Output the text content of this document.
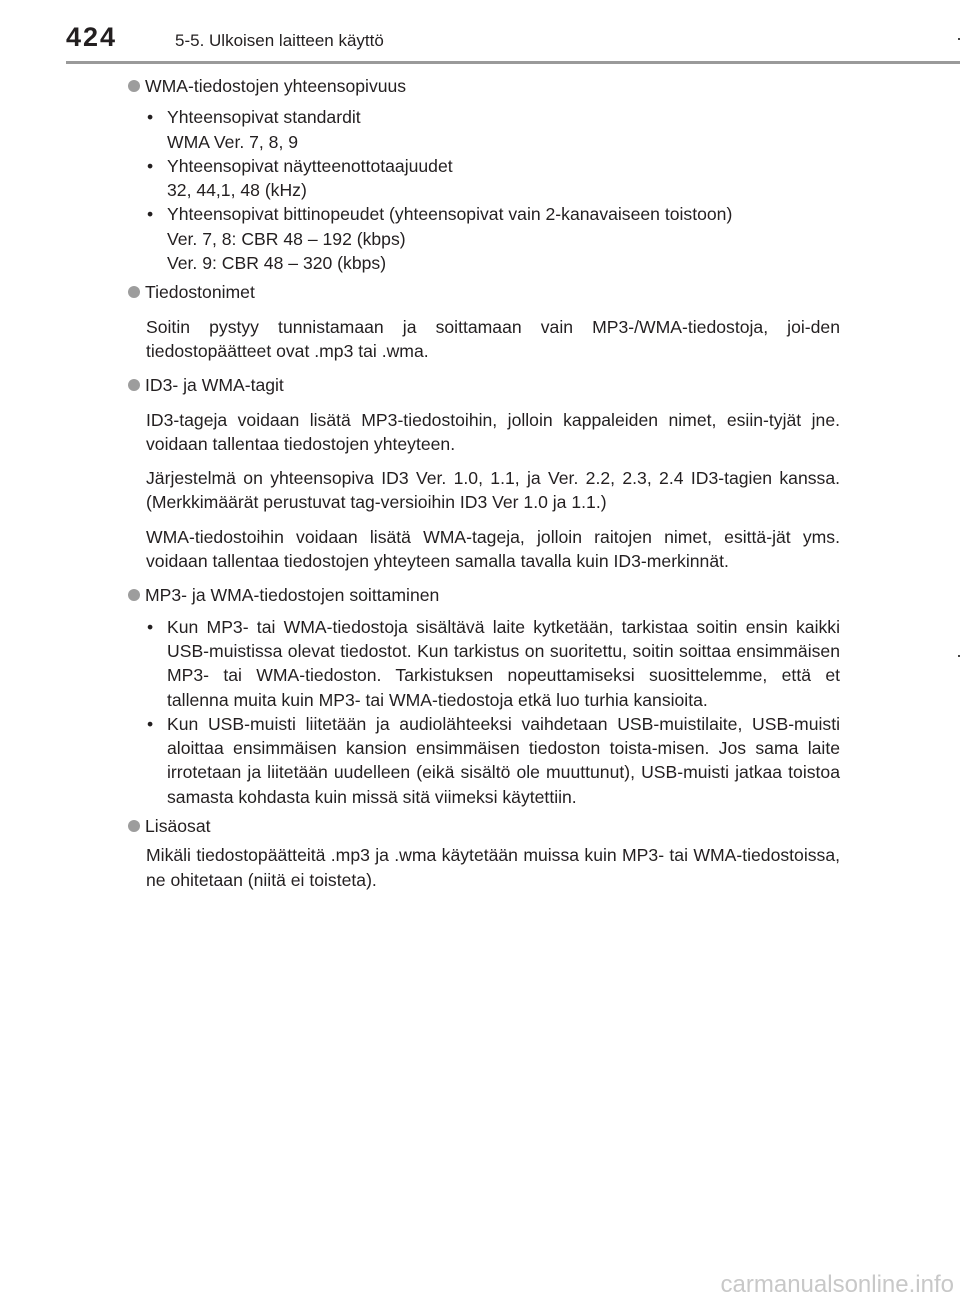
424	5-5. Ulkoisen laitteen käyttö
WMA-tiedostojen yhteensopivuus
• Yhteensopivat standardit
WMA Ver. 7, 8, 9
• Yhteensopivat näytteenottotaajuudet
32, 44,1, 48 (kHz)
• Yhteensopivat bittinopeudet (yhteensopivat vain 2-kanavaiseen toistoon)
Ver. 7, 8: CBR 48 – 192 (kbps)
Ver. 9: CBR 48 – 320 (kbps)
Tiedostonimet
Soitin pystyy tunnistamaan ja soittamaan vain MP3-/WMA-tiedostoja, joi-den tiedostopäätteet ovat .mp3 tai .wma.
ID3- ja WMA-tagit
ID3-tageja voidaan lisätä MP3-tiedostoihin, jolloin kappaleiden nimet, esiin-tyjät jne. voidaan tallentaa tiedostojen yhteyteen.
Järjestelmä on yhteensopiva ID3 Ver. 1.0, 1.1, ja Ver. 2.2, 2.3, 2.4 ID3-tagien kanssa. (Merkkimäärät perustuvat tag-versioihin ID3 Ver 1.0 ja 1.1.)
WMA-tiedostoihin voidaan lisätä WMA-tageja, jolloin raitojen nimet, esittä-jät yms. voidaan tallentaa tiedostojen yhteyteen samalla tavalla kuin ID3-merkinnät.
MP3- ja WMA-tiedostojen soittaminen
• Kun MP3- tai WMA-tiedostoja sisältävä laite kytketään, tarkistaa soitin ensin kaikki USB-muistissa olevat tiedostot. Kun tarkistus on suoritettu, soitin soittaa ensimmäisen MP3- tai WMA-tiedoston. Tarkistuksen nopeuttamiseksi suosittelemme, että et tallenna muita kuin MP3- tai WMA-tiedostoja etkä luo turhia kansioita.
• Kun USB-muisti liitetään ja audiolähteeksi vaihdetaan USB-muistilaite, USB-muisti aloittaa ensimmäisen kansion ensimmäisen tiedoston toista-misen. Jos sama laite irrotetaan ja liitetään uudelleen (eikä sisältö ole muuttunut), USB-muisti jatkaa toistoa samasta kohdasta kuin missä sitä viimeksi käytettiin.
Lisäosat
Mikäli tiedostopäätteitä .mp3 ja .wma käytetään muissa kuin MP3- tai WMA-tiedostoissa, ne ohitetaan (niitä ei toisteta).
carmanualsonline.info
